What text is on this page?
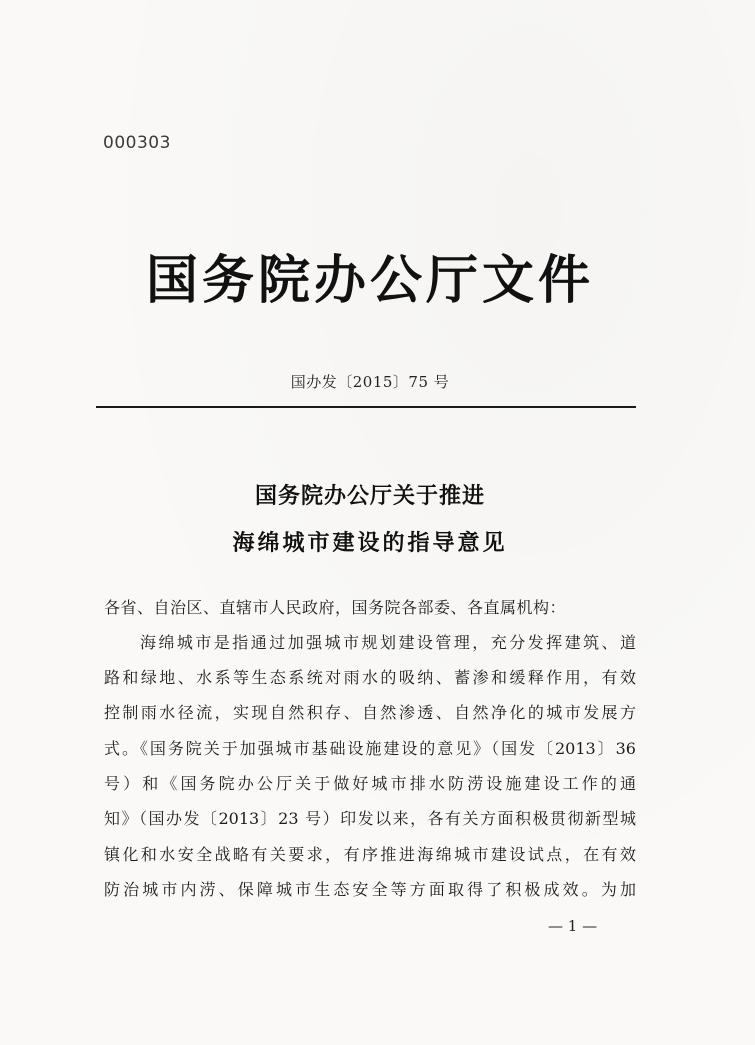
000303
国务院办公厅文件
国办发〔2015〕75 号
国务院办公厅关于推进
海绵城市建设的指导意见
各省、自治区、直辖市人民政府，国务院各部委、各直属机构：
海绵城市是指通过加强城市规划建设管理，充分发挥建筑、道
路和绿地、水系等生态系统对雨水的吸纳、蓄渗和缓释作用，有效
控制雨水径流，实现自然积存、自然渗透、自然净化的城市发展方
式。《国务院关于加强城市基础设施建设的意见》（国发〔2013〕36
号）和《国务院办公厅关于做好城市排水防涝设施建设工作的通
知》（国办发〔2013〕23 号）印发以来，各有关方面积极贯彻新型城
镇化和水安全战略有关要求，有序推进海绵城市建设试点，在有效
防治城市内涝、保障城市生态安全等方面取得了积极成效。为加
— 1 —
